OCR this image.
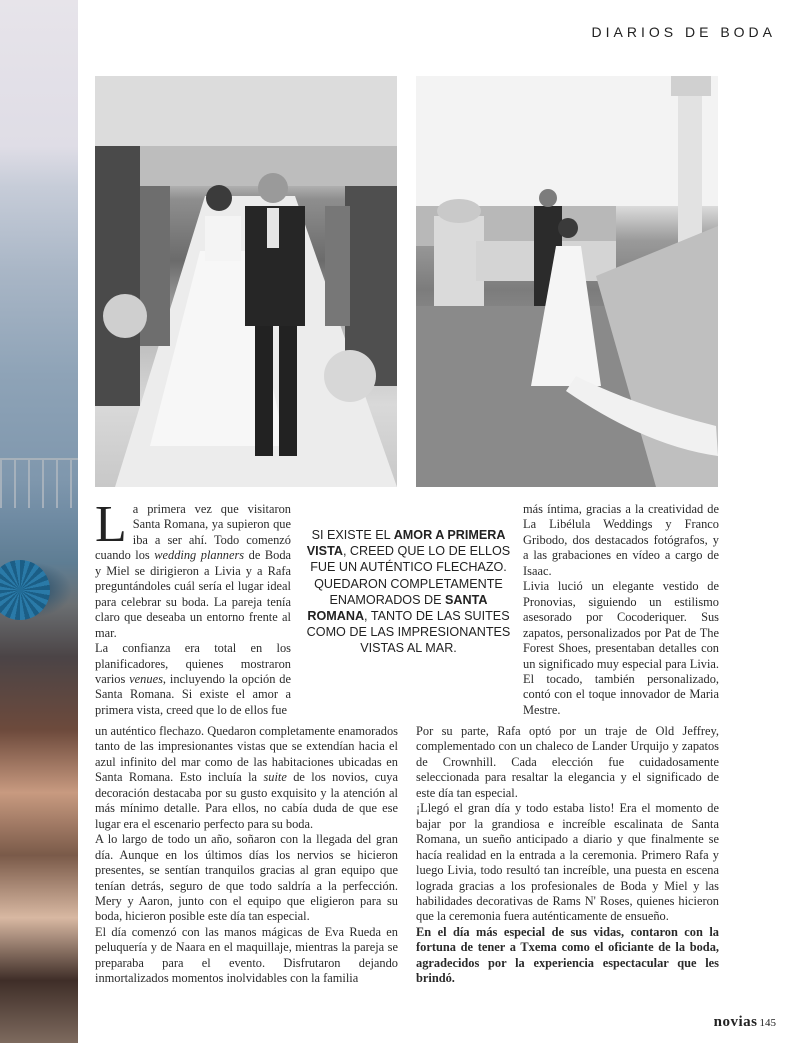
DIARIOS DE BODA

La primera vez que visitaron Santa Romana, ya supieron que iba a ser ahí. Todo comenzó cuando los wedding planners de Boda y Miel se dirigieron a Livia y a Rafa preguntándoles cuál sería el lugar ideal para celebrar su boda. La pareja tenía claro que deseaba un entorno frente al mar.

La confianza era total en los planificadores, quienes mostraron varios venues, incluyendo la opción de Santa Romana. Si existe el amor a primera vista, creed que lo de ellos fue

SI EXISTE EL AMOR A PRIMERA VISTA, CREED QUE LO DE ELLOS FUE UN AUTÉNTICO FLECHAZO. QUEDARON COMPLETAMENTE ENAMORADOS DE SANTA ROMANA, TANTO DE LAS SUITES COMO DE LAS IMPRESIONANTES VISTAS AL MAR.

un auténtico flechazo. Quedaron completamente enamorados tanto de las impresionantes vistas que se extendían hacia el azul infinito del mar como de las habitaciones ubicadas en Santa Romana. Esto incluía la suite de los novios, cuya decoración destacaba por su gusto exquisito y la atención al más mínimo detalle. Para ellos, no cabía duda de que ese lugar era el escenario perfecto para su boda.

A lo largo de todo un año, soñaron con la llegada del gran día. Aunque en los últimos días los nervios se hicieron presentes, se sentían tranquilos gracias al gran equipo que tenían detrás, seguro de que todo saldría a la perfección. Mery y Aaron, junto con el equipo que eligieron para su boda, hicieron posible este día tan especial.

El día comenzó con las manos mágicas de Eva Rueda en peluquería y de Naara en el maquillaje, mientras la pareja se preparaba para el evento. Disfrutaron dejando inmortalizados momentos inolvidables con la familia

más íntima, gracias a la creatividad de La Libélula Weddings y Franco Gribodo, dos destacados fotógrafos, y a las grabaciones en vídeo a cargo de Isaac.

Livia lució un elegante vestido de Pronovias, siguiendo un estilismo asesorado por Cocoderiquer. Sus zapatos, personalizados por Pat de The Forest Shoes, presentaban detalles con un significado muy especial para Livia. El tocado, también personalizado, contó con el toque innovador de Maria Mestre.

Por su parte, Rafa optó por un traje de Old Jeffrey, complementado con un chaleco de Lander Urquijo y zapatos de Crownhill. Cada elección fue cuidadosamente seleccionada para resaltar la elegancia y el significado de este día tan especial.

¡Llegó el gran día y todo estaba listo! Era el momento de bajar por la grandiosa e increíble escalinata de Santa Romana, un sueño anticipado a diario y que finalmente se hacía realidad en la entrada a la ceremonia. Primero Rafa y luego Livia, todo resultó tan increíble, una puesta en escena lograda gracias a los profesionales de Boda y Miel y las habilidades decorativas de Rams N' Roses, quienes hicieron que la ceremonia fuera auténticamente de ensueño.

En el día más especial de sus vidas, contaron con la fortuna de tener a Txema como el oficiante de la boda, agradecidos por la experiencia espectacular que les brindó.

novias 145
